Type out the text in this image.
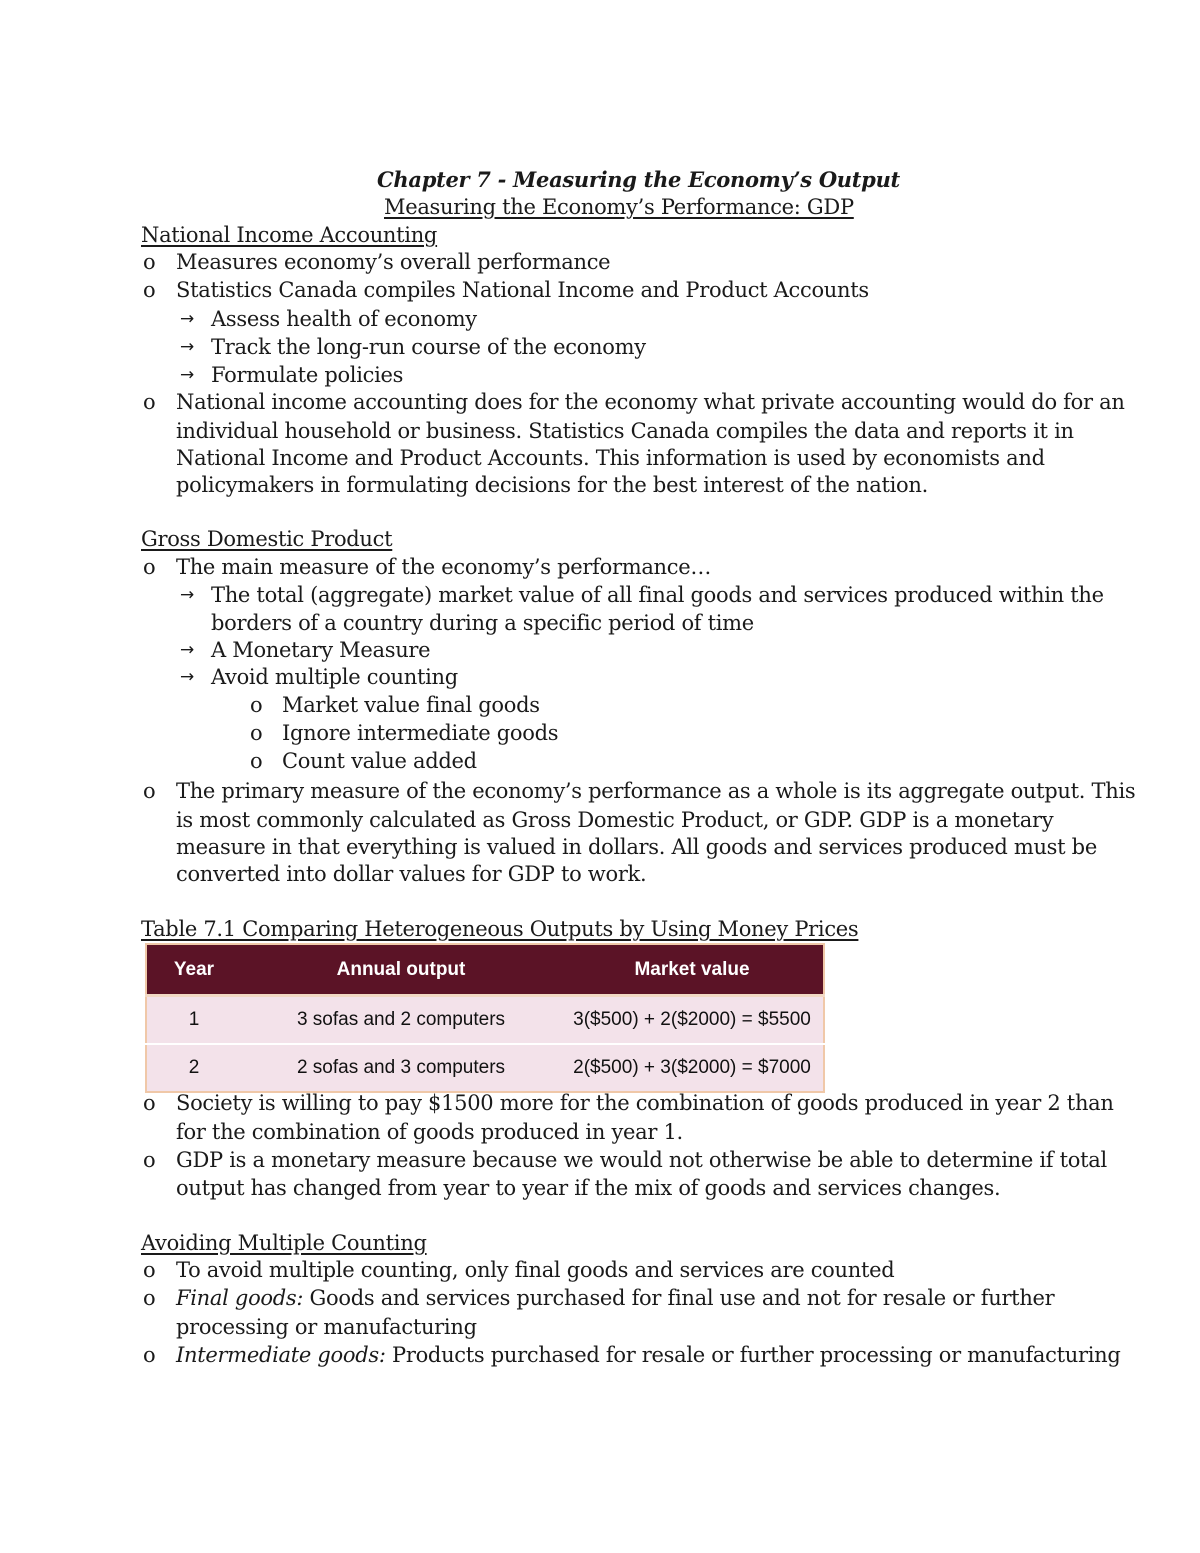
Chapter 7 - Measuring the Economy’s Output
Measuring the Economy’s Performance: GDP
National Income Accounting
o Measures economy’s overall performance
o Statistics Canada compiles National Income and Product Accounts
→ Assess health of economy
→ Track the long-run course of the economy
→ Formulate policies
o National income accounting does for the economy what private accounting would do for an
individual household or business. Statistics Canada compiles the data and reports it in
National Income and Product Accounts. This information is used by economists and
policymakers in formulating decisions for the best interest of the nation.
Gross Domestic Product
o The main measure of the economy’s performance…
→ The total (aggregate) market value of all final goods and services produced within the
borders of a country during a specific period of time
→ A Monetary Measure
→ Avoid multiple counting
o Market value final goods
o Ignore intermediate goods
o Count value added
o The primary measure of the economy’s performance as a whole is its aggregate output. This
is most commonly calculated as Gross Domestic Product, or GDP. GDP is a monetary
measure in that everything is valued in dollars. All goods and services produced must be
converted into dollar values for GDP to work.
Table 7.1 Comparing Heterogeneous Outputs by Using Money Prices
Year	Annual output	Market value
1	3 sofas and 2 computers	3($500) + 2($2000) = $5500
2	2 sofas and 3 computers	2($500) + 3($2000) = $7000
o Society is willing to pay $1500 more for the combination of goods produced in year 2 than
for the combination of goods produced in year 1.
o GDP is a monetary measure because we would not otherwise be able to determine if total
output has changed from year to year if the mix of goods and services changes.
Avoiding Multiple Counting
o To avoid multiple counting, only final goods and services are counted
o Final goods: Goods and services purchased for final use and not for resale or further
processing or manufacturing
o Intermediate goods: Products purchased for resale or further processing or manufacturing
